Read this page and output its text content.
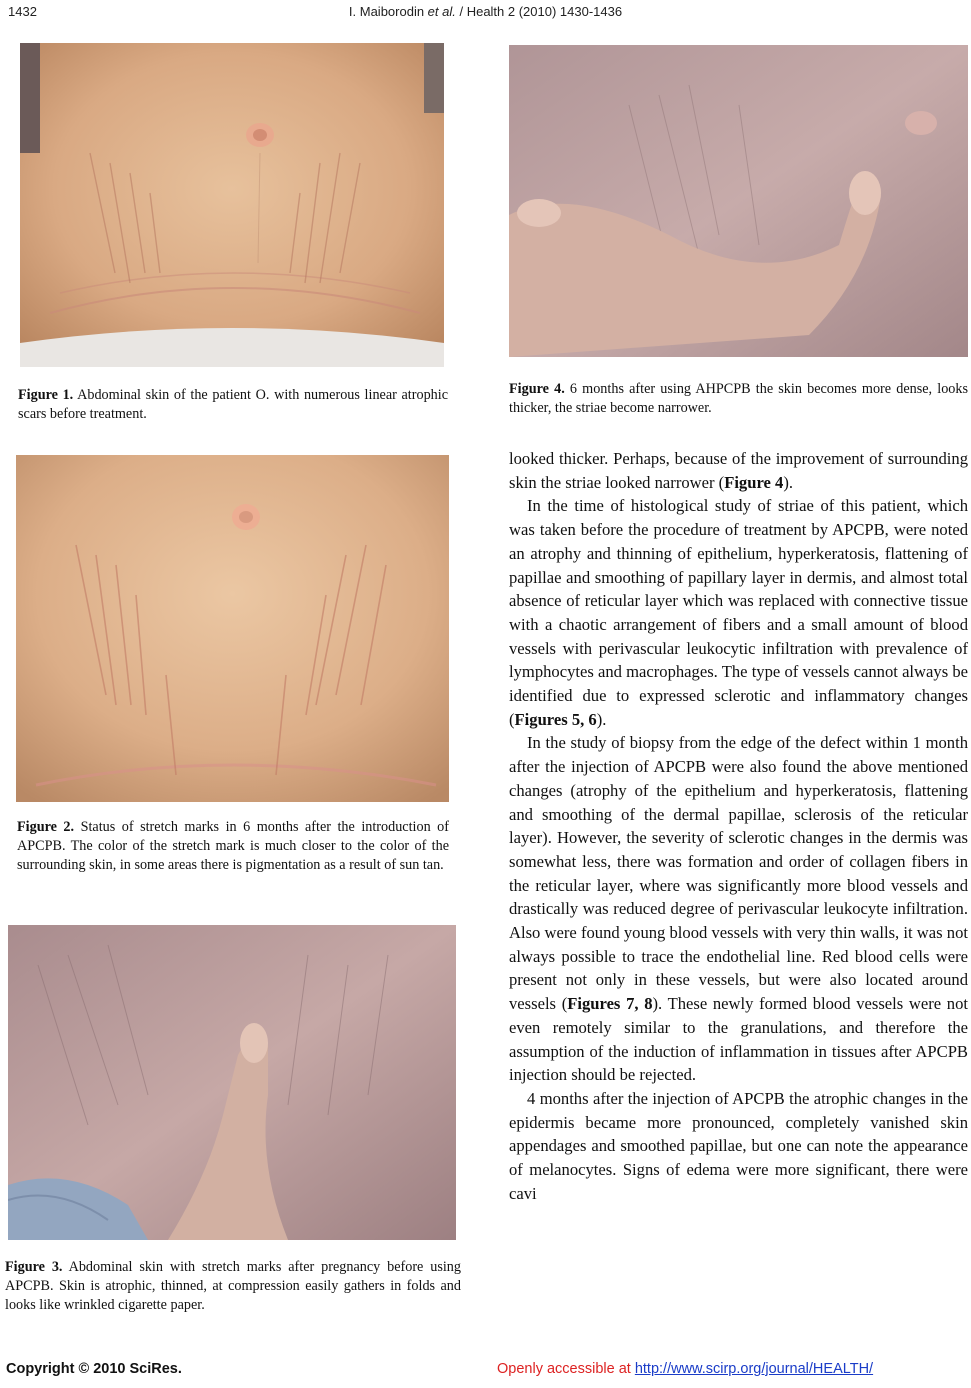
1432	I. Maiborodin et al. / Health 2 (2010) 1430-1436
Figure 1. Abdominal skin of the patient O. with numerous linear atrophic scars before treatment.
Figure 2. Status of stretch marks in 6 months after the introduction of APCPB. The color of the stretch mark is much closer to the color of the surrounding skin, in some areas there is pigmentation as a result of sun tan.
Figure 3. Abdominal skin with stretch marks after pregnancy before using APCPB. Skin is atrophic, thinned, at compression easily gathers in folds and looks like wrinkled cigarette paper.
Figure 4. 6 months after using AHPCPB the skin becomes more dense, looks thicker, the striae become narrower.

looked thicker. Perhaps, because of the improvement of surrounding skin the striae looked narrower (Figure 4).

In the time of histological study of striae of this patient, which was taken before the procedure of treatment by APCPB, were noted an atrophy and thinning of epithelium, hyperkeratosis, flattening of papillae and smoothing of papillary layer in dermis, and almost total absence of reticular layer which was replaced with connective tissue with a chaotic arrangement of fibers and a small amount of blood vessels with perivascular leukocytic infiltration with prevalence of lymphocytes and macrophages. The type of vessels cannot always be identified due to expressed sclerotic and inflammatory changes (Figures 5, 6).

In the study of biopsy from the edge of the defect within 1 month after the injection of APCPB were also found the above mentioned changes (atrophy of the epithelium and hyperkeratosis, flattening and smoothing of the dermal papillae, sclerosis of the reticular layer). However, the severity of sclerotic changes in the dermis was somewhat less, there was formation and order of collagen fibers in the reticular layer, where was significantly more blood vessels and drastically was reduced degree of perivascular leukocyte infiltration. Also were found young blood vessels with very thin walls, it was not always possible to trace the endothelial line. Red blood cells were present not only in these vessels, but were also located around vessels (Figures 7, 8). These newly formed blood vessels were not even remotely similar to the granulations, and therefore the assumption of the induction of inflammation in tissues after APCPB injection should be rejected.

4 months after the injection of APCPB the atrophic changes in the epidermis became more pronounced, completely vanished skin appendages and smoothed papillae, but one can note the appearance of melanocytes. Signs of edema were more significant, there were cavi

Copyright © 2010 SciRes.	Openly accessible at http://www.scirp.org/journal/HEALTH/
